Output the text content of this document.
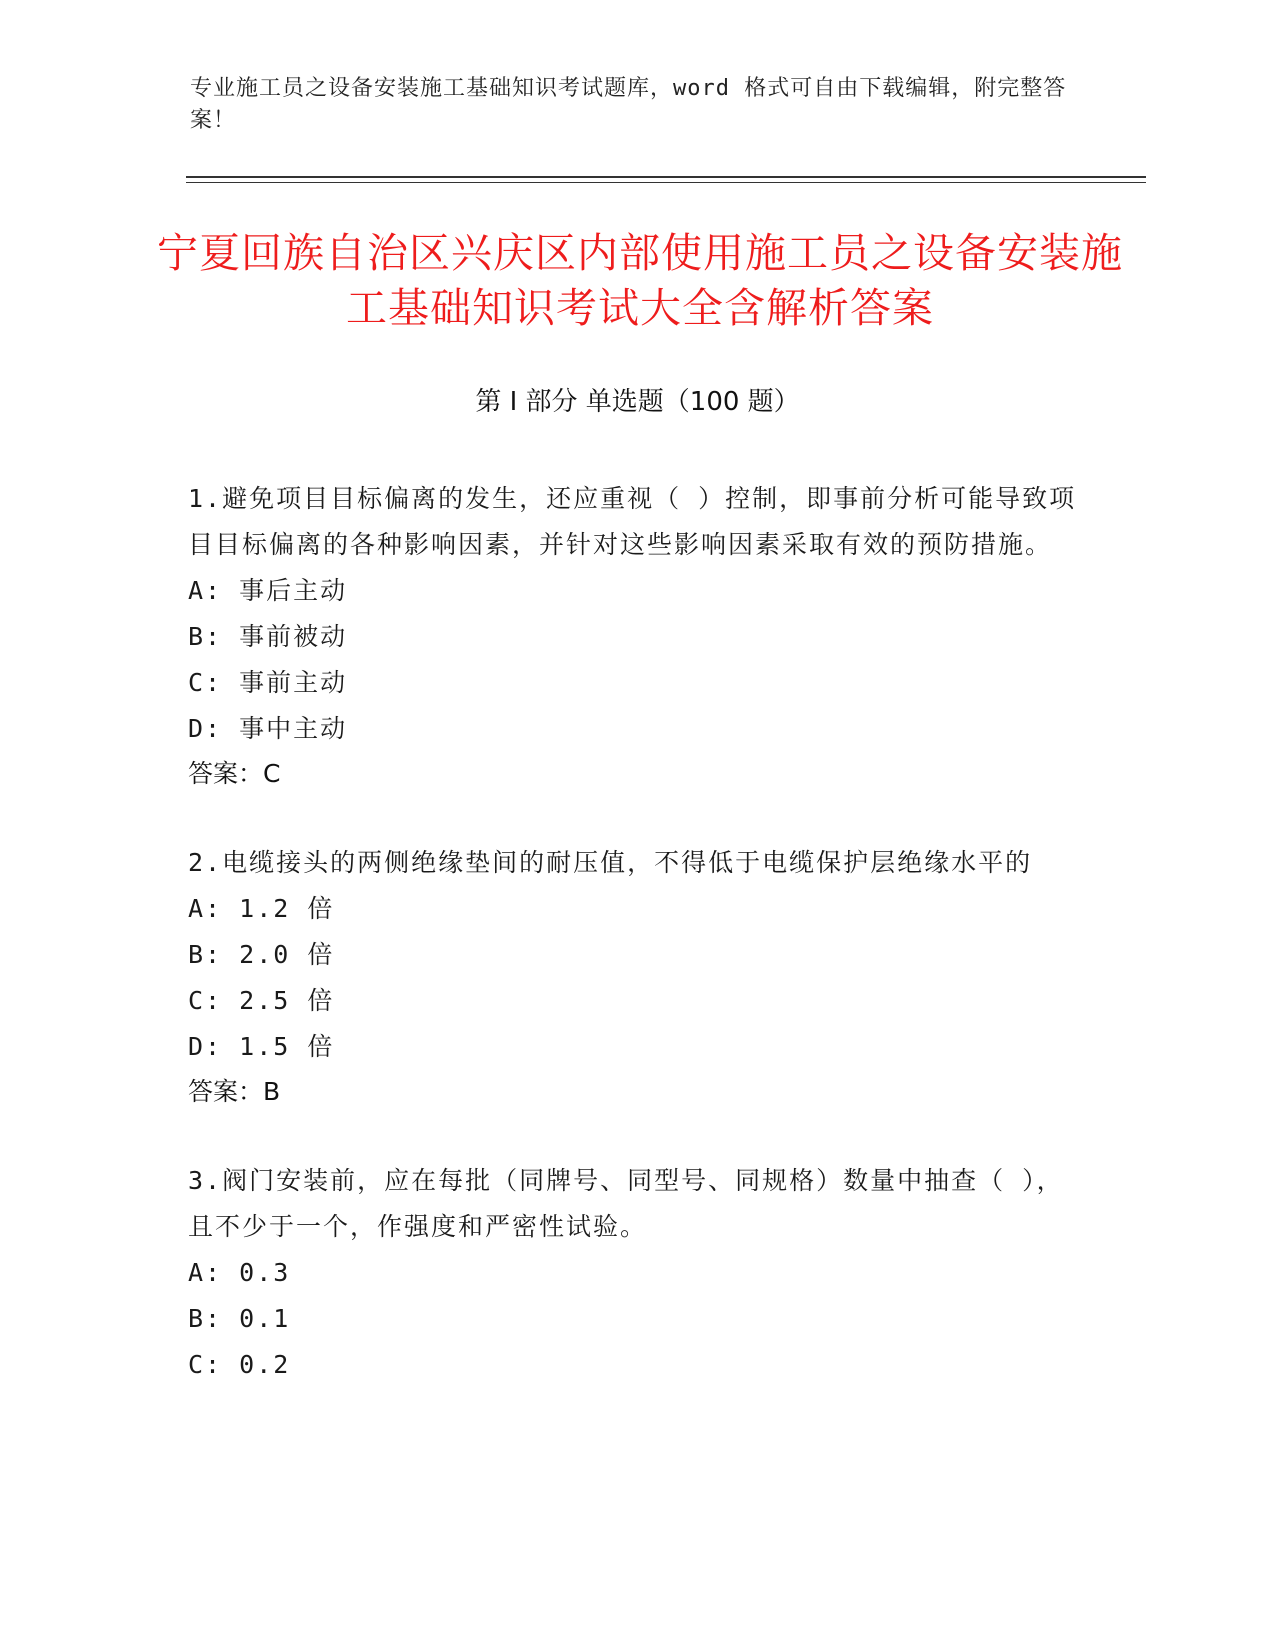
专业施工员之设备安装施工基础知识考试题库，word 格式可自由下载编辑，附完整答案！
宁夏回族自治区兴庆区内部使用施工员之设备安装施工基础知识考试大全含解析答案
第 I 部分 单选题（100 题）
1.避免项目目标偏离的发生，还应重视（ ）控制，即事前分析可能导致项目目标偏离的各种影响因素，并针对这些影响因素采取有效的预防措施。
A: 事后主动
B: 事前被动
C: 事前主动
D: 事中主动
答案：C
2.电缆接头的两侧绝缘垫间的耐压值，不得低于电缆保护层绝缘水平的
A: 1.2 倍
B: 2.0 倍
C: 2.5 倍
D: 1.5 倍
答案：B
3.阀门安装前，应在每批（同牌号、同型号、同规格）数量中抽查（ ），且不少于一个，作强度和严密性试验。
A: 0.3
B: 0.1
C: 0.2
